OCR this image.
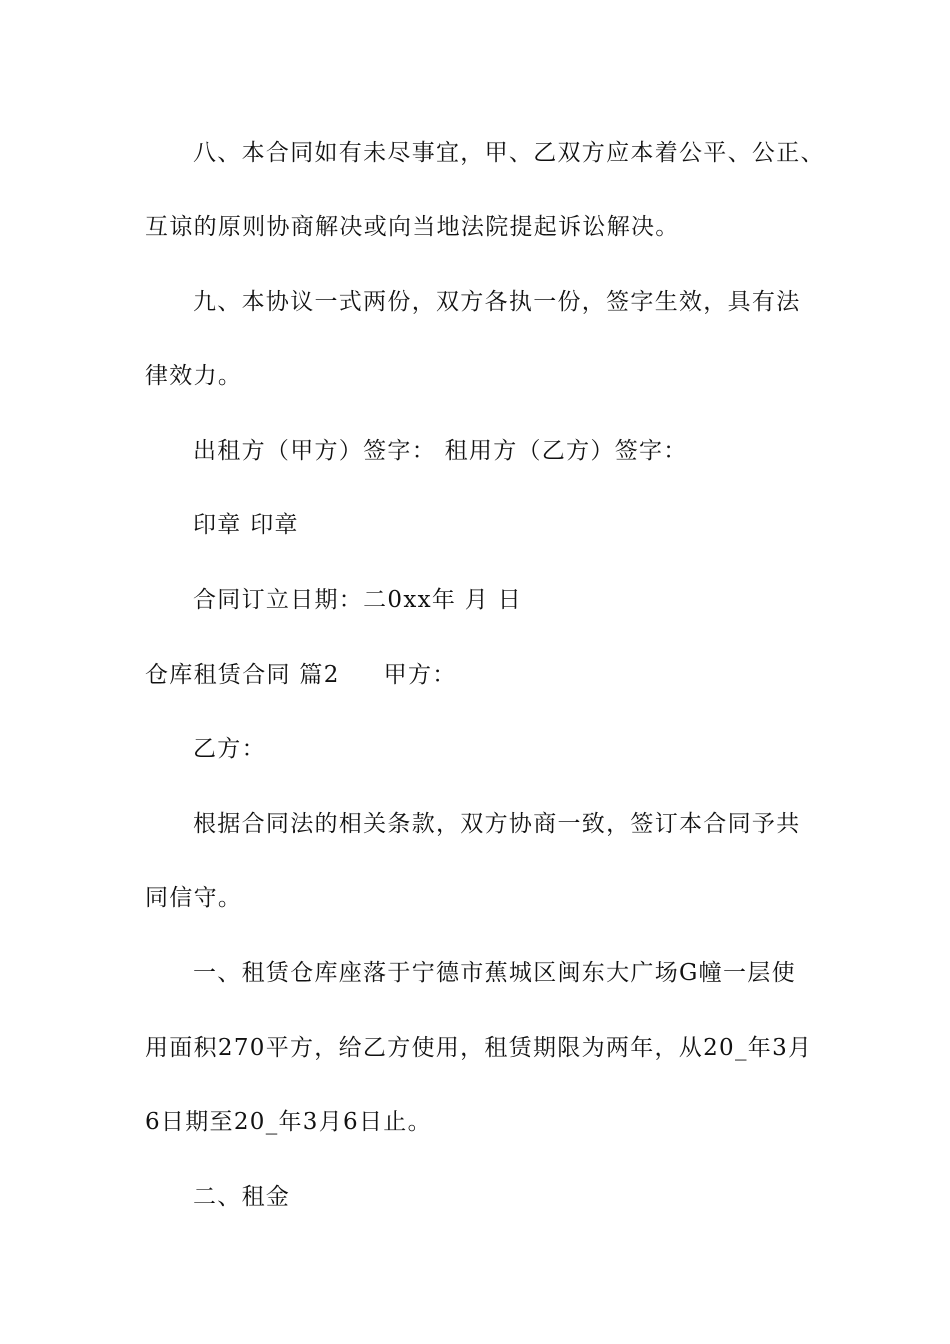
八、本合同如有未尽事宜，甲、乙双方应本着公平、公正、
互谅的原则协商解决或向当地法院提起诉讼解决。
九、本协议一式两份，双方各执一份，签字生效，具有法
律效力。
出租方（甲方）签字： 租用方（乙方）签字：
印章 印章
合同订立日期：二0xx年 月 日
仓库租赁合同 篇2 甲方：
乙方：
根据合同法的相关条款，双方协商一致，签订本合同予共
同信守。
一、租赁仓库座落于宁德市蕉城区闽东大广场G幢一层使
用面积270平方，给乙方使用，租赁期限为两年，从20_年3月
6日期至20_年3月6日止。
二、租金
